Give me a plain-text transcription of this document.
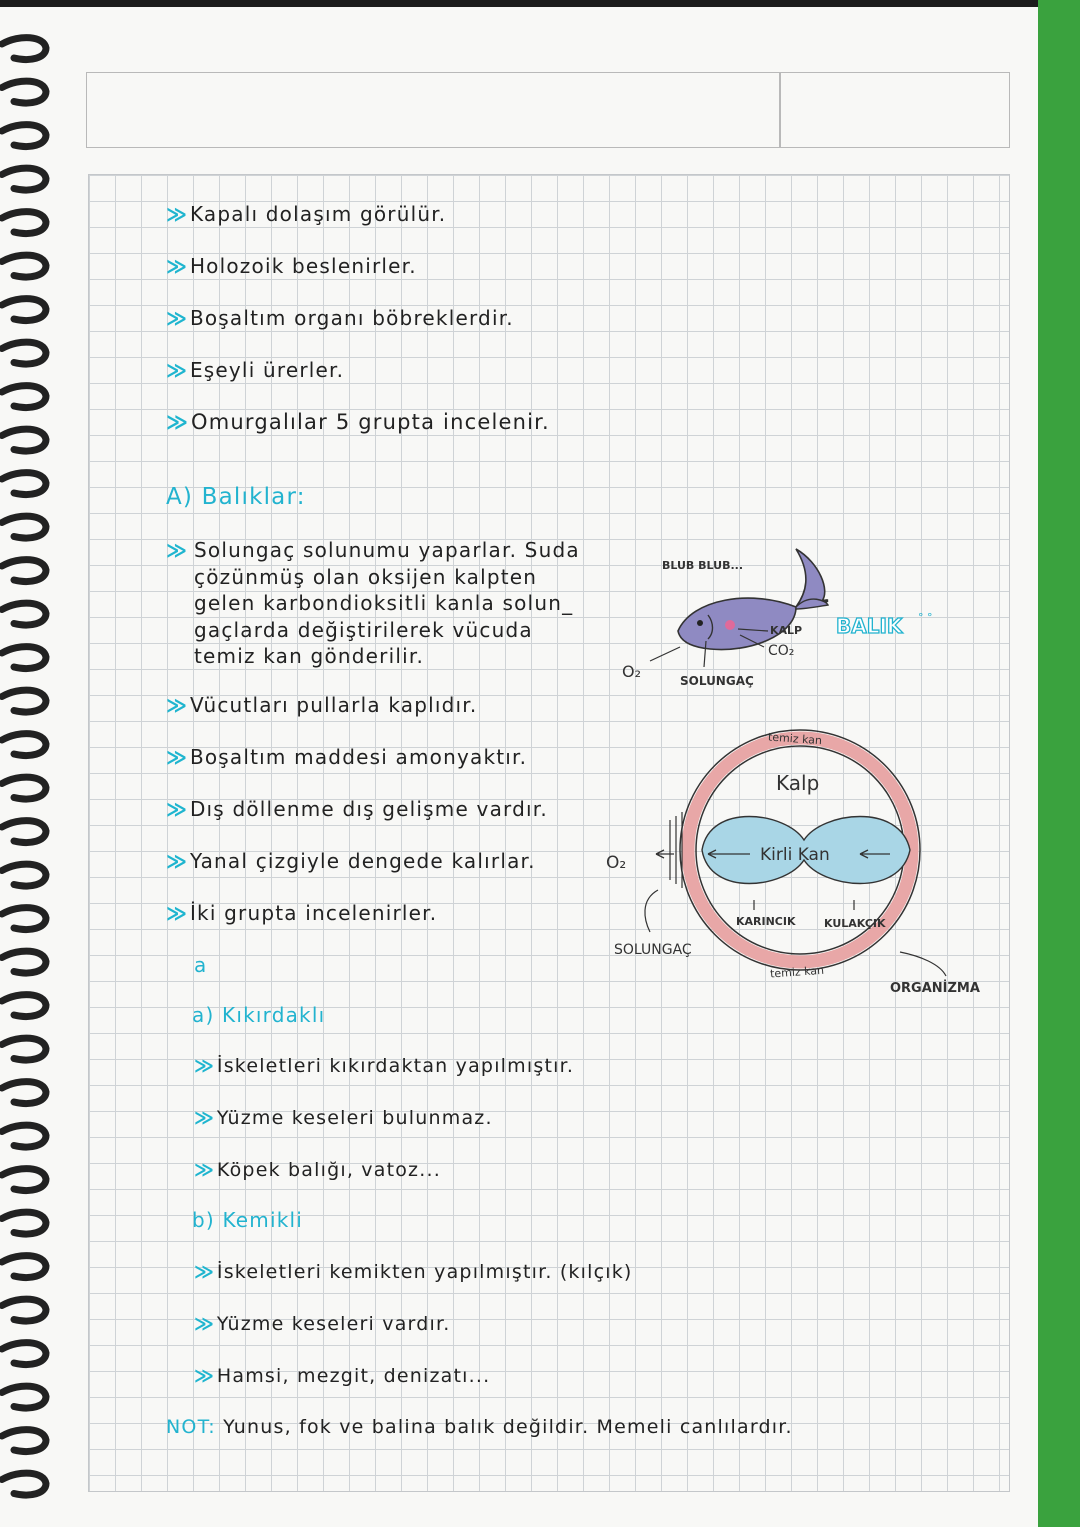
≫ Kapalı dolaşım görülür.
≫ Holozoik beslenirler.
≫ Boşaltım organı böbreklerdir.
≫ Eşeyli ürerler.
≫ Omurgalılar 5 grupta incelenir.
A) Balıklar:
≫ Solungaç solunumu yaparlar. Suda
çözünmüş olan oksijen kalpten
gelen karbondioksitli kanla solun_
gaçlarda değiştirilerek vücuda
temiz kan gönderilir.
≫ Vücutları pullarla kaplıdır.
≫ Boşaltım maddesi amonyaktır.
≫ Dış döllenme dış gelişme vardır.
≫ Yanal çizgiyle dengede kalırlar.
≫ İki grupta incelenirler.
a
a) Kıkırdaklı
≫ İskeletleri kıkırdaktan yapılmıştır.
≫ Yüzme keseleri bulunmaz.
≫ Köpek balığı, vatoz...
b) Kemikli
≫ İskeletleri kemikten yapılmıştır. (kılçık)
≫ Yüzme keseleri vardır.
≫ Hamsi, mezgit, denizatı...
NOT: Yunus, fok ve balina balık değildir. Memeli canlılardır.
BLUB BLUB...
KALP
CO₂
O₂	SOLUNGAÇ
BALIK ° °
temiz kan
Kalp
Kirli Kan
O₂
KARINCIK	KULAKÇIK
temiz kan
SOLUNGAÇ
ORGANİZMA
